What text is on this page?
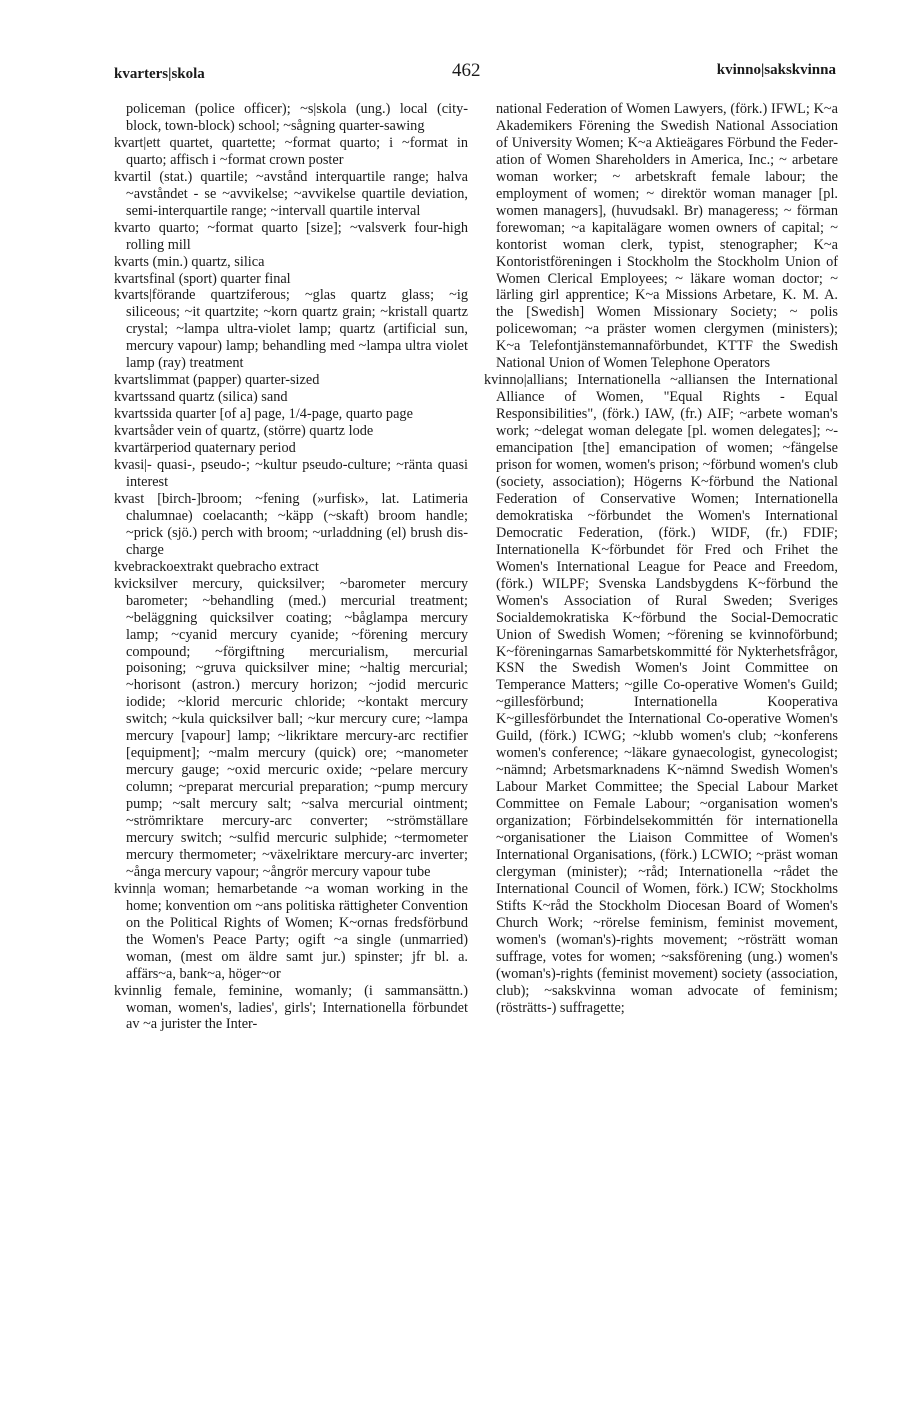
kvarters|skola	462	kvinno|sakskvinna

policeman (police officer); ~s|skola (ung.) local (city-block, town-block) school; ~sågning quarter-sawing

kvart|ett quartet, quartette; ~format quarto; i ~format in quarto; affisch i ~format crown poster

kvartil (stat.) quartile; ~avstånd interquartile range; halva ~avståndet - se ~avvikelse; ~avvikelse quartile deviation, semi-interquartile range; ~intervall quartile interval

kvarto quarto; ~format quarto [size]; ~valsverk four-high rolling mill

kvarts (min.) quartz, silica

kvartsfinal (sport) quarter final

kvarts|förande quartziferous; ~glas quartz glass; ~ig siliceous; ~it quartzite; ~korn quartz grain; ~kristall quartz crystal; ~lampa ultra-violet lamp; quartz (artificial sun, mercury vapour) lamp; behandling med ~lampa ultra violet lamp (ray) treatment

kvartslimmat (papper) quarter-sized

kvartssand quartz (silica) sand

kvartssida quarter [of a] page, 1/4-page, quarto page

kvartsåder vein of quartz, (större) quartz lode

kvartärperiod quaternary period

kvasi|- quasi-, pseudo-; ~kultur pseudo-culture; ~ränta quasi interest

kvast [birch-]broom; ~fening (»urfisk», lat. Latimeria chalumnae) coelacanth; ~käpp (~skaft) broom handle; ~prick (sjö.) perch with broom; ~urladdning (el) brush discharge

kvebrackoextrakt quebracho extract

kvicksilver mercury, quicksilver; ~barometer mercury barometer; ~behandling (med.) mercurial treatment; ~beläggning quicksilver coating; ~båglampa mercury lamp; ~cyanid mercury cyanide; ~förening mercury compound; ~förgiftning mercurialism, mercurial poisoning; ~gruva quicksilver mine; ~haltig mercurial; ~horisont (astron.) mercury horizon; ~jodid mercuric iodide; ~klorid mercuric chloride; ~kontakt mercury switch; ~kula quicksilver ball; ~kur mercury cure; ~lampa mercury [vapour] lamp; ~likriktare mercury-arc rectifier [equipment]; ~malm mercury (quick) ore; ~manometer mercury gauge; ~oxid mercuric oxide; ~pelare mercury column; ~preparat mercurial preparation; ~pump mercury pump; ~salt mercury salt; ~salva mercurial ointment; ~strömriktare mercury-arc converter; ~strömställare mercury switch; ~sulfid mercuric sulphide; ~termometer mercury thermometer; ~växelriktare mercury-arc inverter; ~ånga mercury vapour; ~ångrör mercury vapour tube

kvinn|a woman; hemarbetande ~a woman working in the home; konvention om ~ans politiska rättigheter Convention on the Political Rights of Women; K~ornas fredsförbund the Women's Peace Party; ogift ~a single (unmarried) woman, (mest om äldre samt jur.) spinster; jfr bl. a. affärs~a, bank~a, höger~or

kvinnlig female, feminine, womanly; (i sammansättn.) woman, women's, ladies', girls'; Internationella förbundet av ~a jurister the Inter-

national Federation of Women Lawyers, (förk.) IFWL; K~a Akademikers Förening the Swedish National Association of University Women; K~a Aktieägares Förbund the Federation of Women Shareholders in America, Inc.; ~ arbetare woman worker; ~ arbetskraft female labour; the employment of women; ~ direktör woman manager [pl. women managers], (huvudsakl. Br) manageress; ~ förman forewoman; ~a kapitalägare women owners of capital; ~ kontorist woman clerk, typist, stenographer; K~a Kontoristföreningen i Stockholm the Stockholm Union of Women Clerical Employees; ~ läkare woman doctor; ~ lärling girl apprentice; K~a Missions Arbetare, K. M. A. the [Swedish] Women Missionary Society; ~ polis policewoman; ~a präster women clergymen (ministers); K~a Telefontjänstemannaförbundet, KTTF the Swedish National Union of Women Telephone Operators

kvinno|allians; Internationella ~alliansen the International Alliance of Women, "Equal Rights - Equal Responsibilities", (förk.) IAW, (fr.) AIF; ~arbete woman's work; ~delegat woman delegate [pl. women delegates]; ~emancipation [the] emancipation of women; ~fängelse prison for women, women's prison; ~förbund women's club (society, association); Högerns K~förbund the National Federation of Conservative Women; Internationella demokratiska ~förbundet the Women's International Democratic Federation, (förk.) WIDF, (fr.) FDIF; Internationella K~förbundet för Fred och Frihet the Women's International League for Peace and Freedom, (förk.) WILPF; Svenska Landsbygdens K~förbund the Women's Association of Rural Sweden; Sveriges Socialdemokratiska K~förbund the Social-Democratic Union of Swedish Women; ~förening se kvinnoförbund; K~föreningarnas Samarbetskommitté för Nykterhetsfrågor, KSN the Swedish Women's Joint Committee on Temperance Matters; ~gille Co-operative Women's Guild; ~gillesförbund; Internationella Kooperativa K~gillesförbundet the International Co-operative Women's Guild, (förk.) ICWG; ~klubb women's club; ~konferens women's conference; ~läkare gynaecologist, gynecologist; ~nämnd; Arbetsmarknadens K~nämnd Swedish Women's Labour Market Committee; the Special Labour Market Committee on Female Labour; ~organisation women's organization; Förbindelsekommittén för internationella ~organisationer the Liaison Committee of Women's International Organisations, (förk.) LCWIO; ~präst woman clergyman (minister); ~råd; Internationella ~rådet the International Council of Women, förk.) ICW; Stockholms Stifts K~råd the Stockholm Diocesan Board of Women's Church Work; ~rörelse feminism, feminist movement, women's (woman's)-rights movement; ~rösträtt woman suffrage, votes for women; ~saksförening (ung.) women's (woman's)-rights (feminist movement) society (association, club); ~sakskvinna woman advocate of feminism; (rösträtts-) suffragette;
